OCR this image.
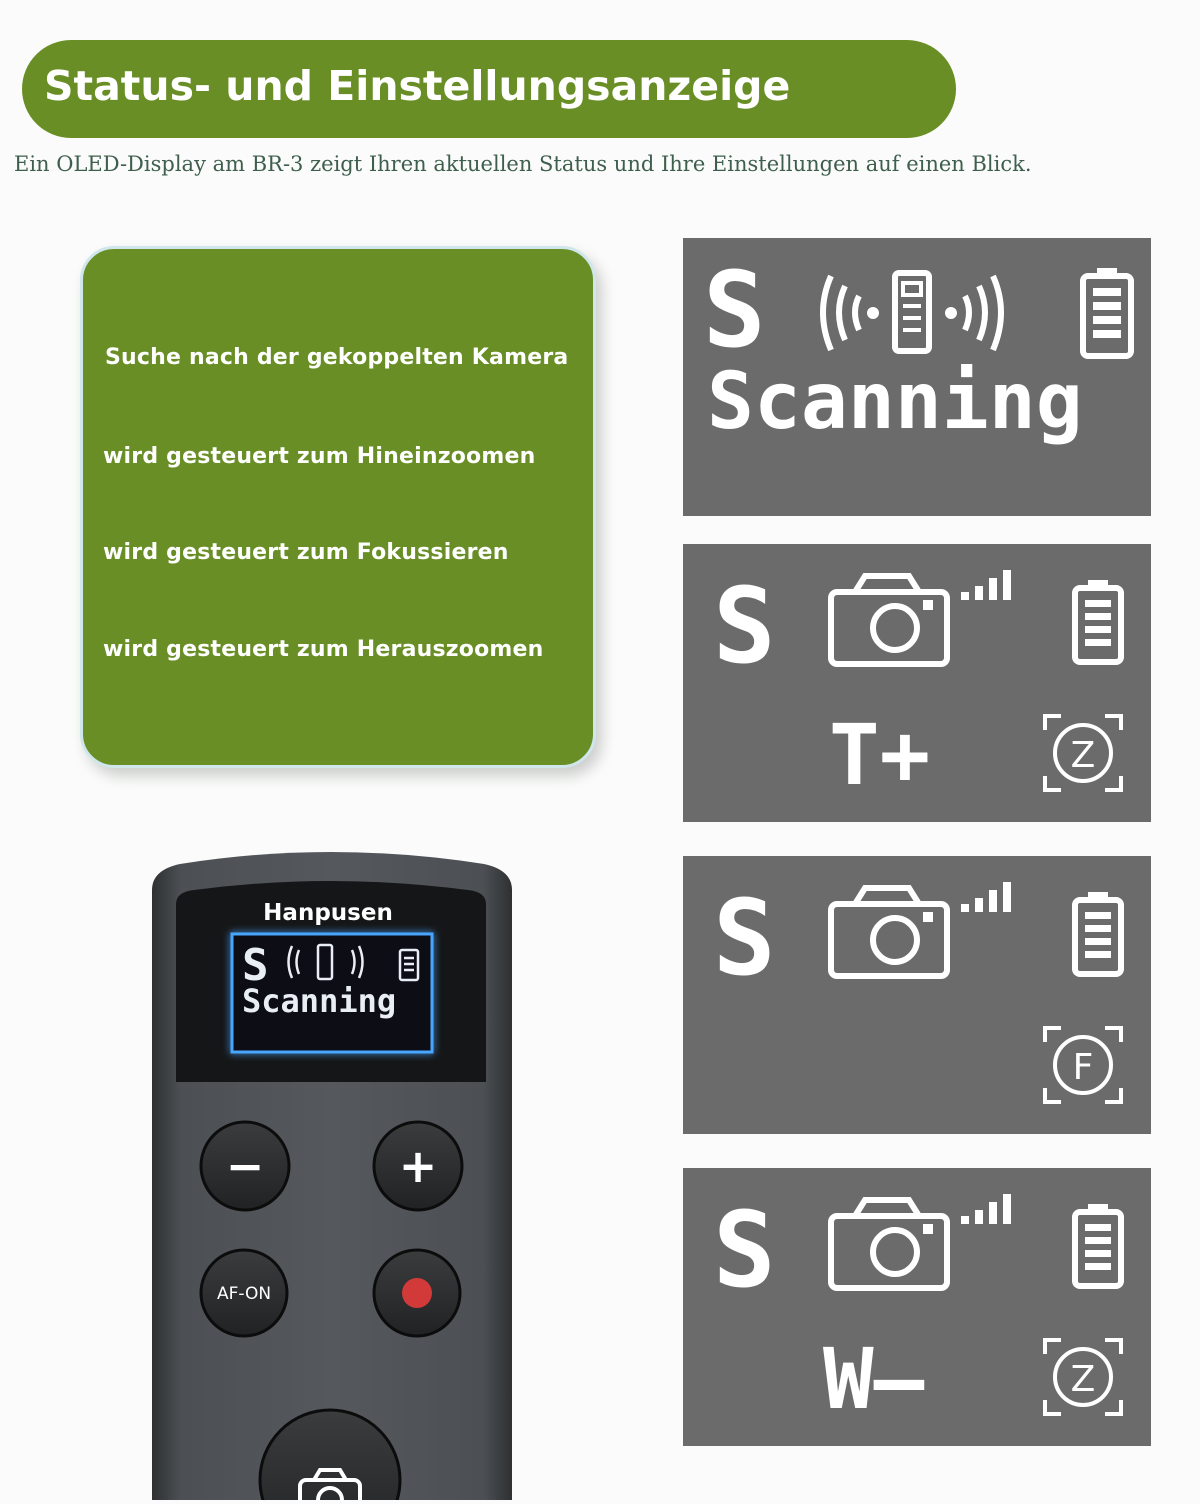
Status- und Einstellungsanzeige
Ein OLED-Display am BR-3 zeigt Ihren aktuellen Status und Ihre Einstellungen auf einen Blick.
Suche nach der gekoppelten Kamera
wird gesteuert zum Hineinzoomen
wird gesteuert zum Fokussieren
wird gesteuert zum Herauszoomen
S
Scanning
S
T+	Z
S
F
S
W–	Z
Hanpusen
S
Scanning
−	+
AF-ON
